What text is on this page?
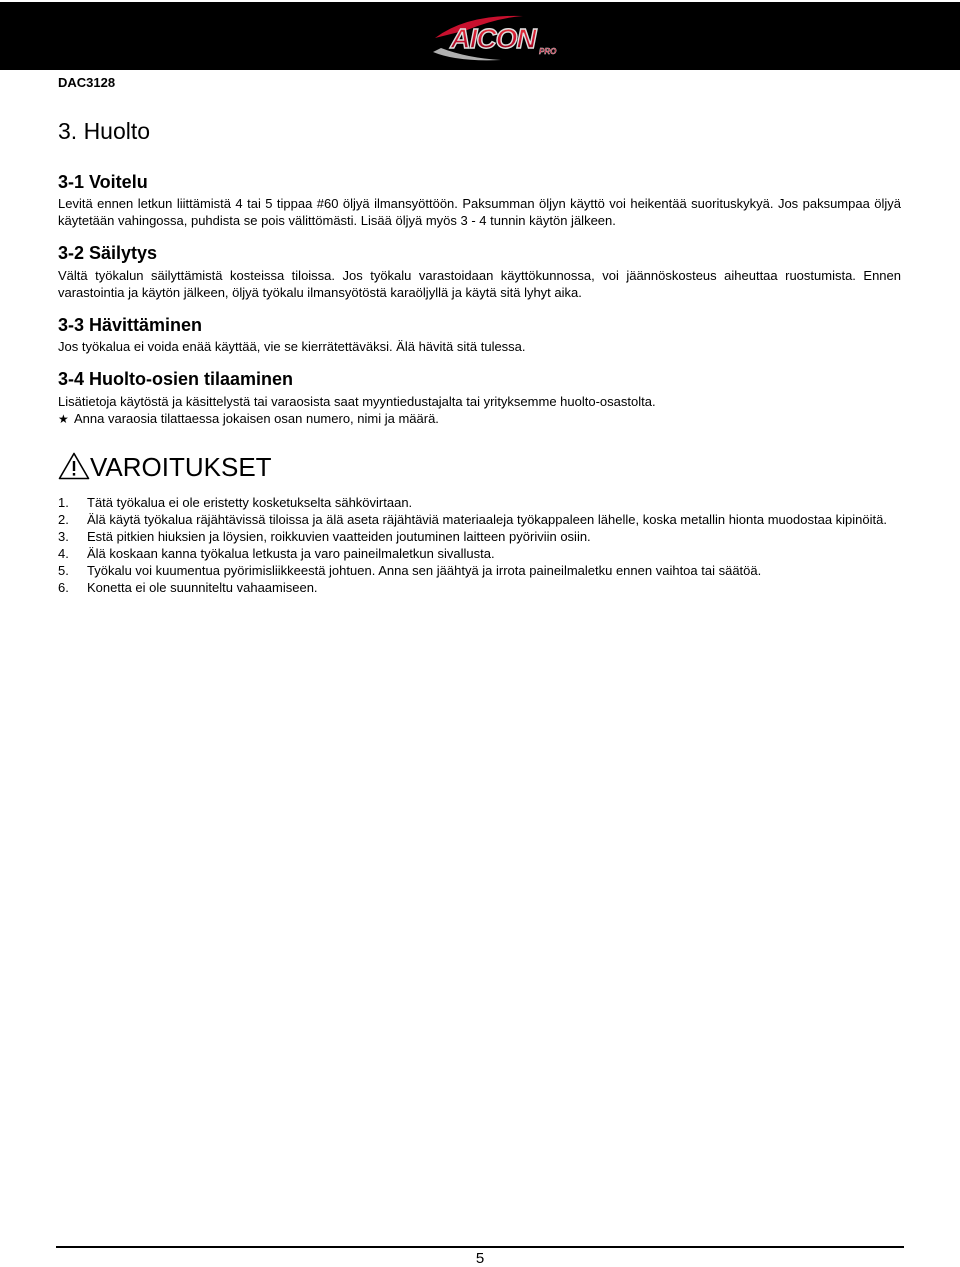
AICON PRO
DAC3128
3. Huolto
3-1 Voitelu

Levitä ennen letkun liittämistä 4 tai 5 tippaa #60 öljyä ilmansyöttöön. Paksumman öljyn käyttö voi heikentää suorituskykyä. Jos paksumpaa öljyä käytetään vahingossa, puhdista se pois välittömästi. Lisää öljyä myös 3 - 4 tunnin käytön jälkeen.

3-2 Säilytys

Vältä työkalun säilyttämistä kosteissa tiloissa. Jos työkalu varastoidaan käyttökunnossa, voi jäännöskosteus aiheuttaa ruostumista. Ennen varastointia ja käytön jälkeen, öljyä työkalu ilmansyötöstä karaöljyllä ja käytä sitä lyhyt aika.

3-3 Hävittäminen

Jos työkalua ei voida enää käyttää, vie se kierrätettäväksi. Älä hävitä sitä tulessa.

3-4 Huolto-osien tilaaminen

Lisätietoja käytöstä ja käsittelystä tai varaosista saat myyntiedustajalta tai yrityksemme huolto-osastolta.

★ Anna varaosia tilattaessa jokaisen osan numero, nimi ja määrä.
VAROITUKSET
1.	Tätä työkalua ei ole eristetty kosketukselta sähkövirtaan.
2.	Älä käytä työkalua räjähtävissä tiloissa ja älä aseta räjähtäviä materiaaleja työkappaleen lähelle, koska metallin hionta muodostaa kipinöitä.
3.	Estä pitkien hiuksien ja löysien, roikkuvien vaatteiden joutuminen laitteen pyöriviin osiin.
4.	Älä koskaan kanna työkalua letkusta ja varo paineilmaletkun sivallusta.
5.	Työkalu voi kuumentua pyörimisliikkeestä johtuen. Anna sen jäähtyä ja irrota paineilmaletku ennen vaihtoa tai säätöä.
6.	Konetta ei ole suunniteltu vahaamiseen.
5
